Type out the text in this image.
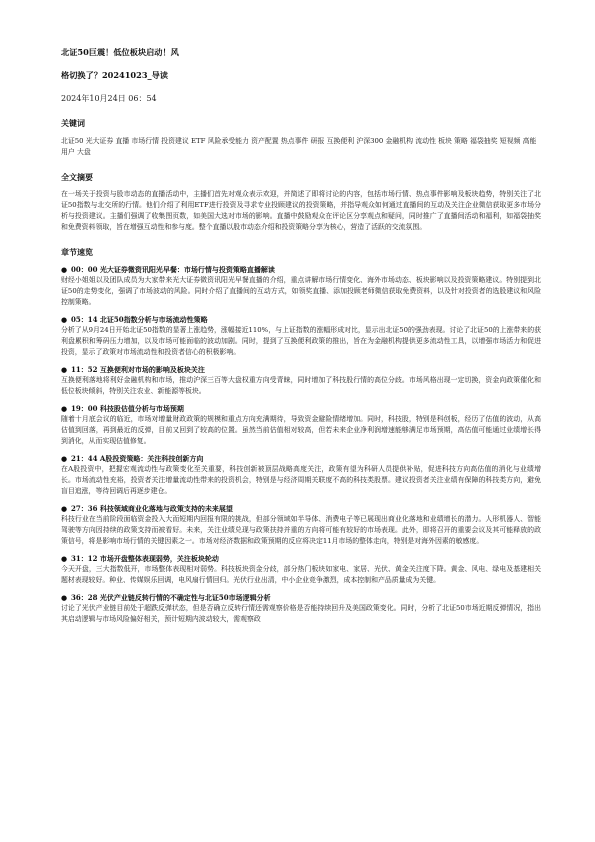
北证50巨震！低位板块启动！风

格切换了？20241023_导读

2024年10月24日 06：54
关键词
北证50 光大证券 直播 市场行情 投资建议 ETF 风险承受能力 资产配置 热点事件 研报 互换便利 沪深300 金融机构 流动性 板块 策略 福袋抽奖 短视频 高能用户 大盘
全文摘要
在一场关于投资与股市动态的直播活动中，主播们首先对观众表示欢迎，并简述了即将讨论的内容，包括市场行情、热点事件影响及板块趋势，特别关注了北证50指数与北交所的行情。他们介绍了利用ETF进行投资及寻求专业投顾建议的投资策略，并指导观众如何通过直播间的互动及关注企业微信获取更多市场分析与投资建议。主播们强调了收集图页数，如美国大选对市场的影响。直播中鼓励观众在评论区分享观点和疑问，同时推广了直播间活动和福利，如福袋抽奖和免费资料领取，旨在增强互动性和参与度。整个直播以股市动态介绍和投资策略分享为核心，营造了活跃的交流氛围。
章节速览
● 00：00 光大证券微资讯阳光早餐：市场行情与投资策略直播解读
财经小姐姐以及团队成员为大家带来光大证券微资讯阳光早餐直播的介绍，重点讲解市场行情变化、海外市场动态、板块影响以及投资策略建议。特别提到北证50的走势变化，强调了市场波动的风险。同时介绍了直播间的互动方式，如领奖直播、添加投顾老师微信获取免费资料，以及针对投资者的选股建议和风险控制策略。
● 05：14 北证50指数分析与市场流动性策略
分析了从9月24日开始北证50指数的显著上涨趋势，涨幅接近110%，与上证指数的涨幅形成对比，显示出北证50的强劲表现。讨论了北证50的上涨带来的获利盘累积和筹码压力增加，以及市场可能面临的波动加剧。同时，提到了互换便利政策的推出，旨在为金融机构提供更多流动性工具，以增强市场活力和促进投资，显示了政策对市场流动性和投资者信心的积极影响。
● 11：52 互换便利对市场的影响及板块关注
互换便利落地将利好金融机构和市场，推动沪深三百等大盘权重方向受青睐，同时增加了科技股行情的高位分歧。市场风格出现一定切换，资金向政策催化和低位板块倾斜，特别关注农业、新能源等板块。
● 19：00 科技股估值分析与市场预期
随着十月底会议的临近，市场对增量财政政策的规模和重点方向充满期待，导致资金避险情绪增加。同时，科技股，特别是科创板，经历了估值的波动，从高估值到回落，再到最近的反弹，目前又回到了较高的位置。虽然当前估值相对较高，但若未来企业净利润增速能够满足市场预期，高估值可能通过业绩增长得到消化，从而实现估值修复。
● 21：44 A股投资策略：关注科技创新方向
在A股投资中，把握宏观流动性与政策变化至关重要，科技创新被顶层战略高度关注，政策有望为科研人员提供补贴，促进科技方向高估值的消化与业绩增长。市场流动性充裕，投资者关注增量流动性带来的投资机会，特别是与经济周期关联度不高的科技类股票。建议投资者关注业绩有保障的科技类方向，避免盲目追涨，等待回调后再逐步建仓。
● 27：36 科技领域商业化落地与政策支持的未来展望
科技行业在当前阶段面临资金投入大而短期内回报有限的挑战，但部分领域如半导体、消费电子等已展现出商业化落地和业绩增长的潜力。人形机器人、智能驾驶等方向因持续的政策支持而被看好。未来，关注业绩兑现与政策扶持并重的方向将可能有较好的市场表现。此外，即将召开的重要会议及其可能释放的政策信号，将是影响市场行情的关键因素之一。市场对经济数据和政策预期的反应将决定11月市场的整体走向，特别是对海外因素的敏感度。
● 31：12 市场开盘整体表现弱势，关注板块轮动
今天开盘，三大指数低开，市场整体表现相对弱势。科技板块资金分歧，部分热门板块如家电、家居、光伏、黄金关注度下降。黄金、风电、绿电及基建相关题材表现较好。种业、传媒娱乐回调，电风扇行情回归。光伏行业出清，中小企业竞争激烈，成本控制和产品质量成为关键。
● 36：28 光伏产业链反转行情的不确定性与北证50市场逻辑分析
讨论了光伏产业链目前处于超跌反弹状态，但是否确立反转行情还需观察价格是否能持续回升及美国政策变化。同时，分析了北证50市场近期反弹情况，指出其启动逻辑与市场风险偏好相关，预计短期内波动较大，需观察政
